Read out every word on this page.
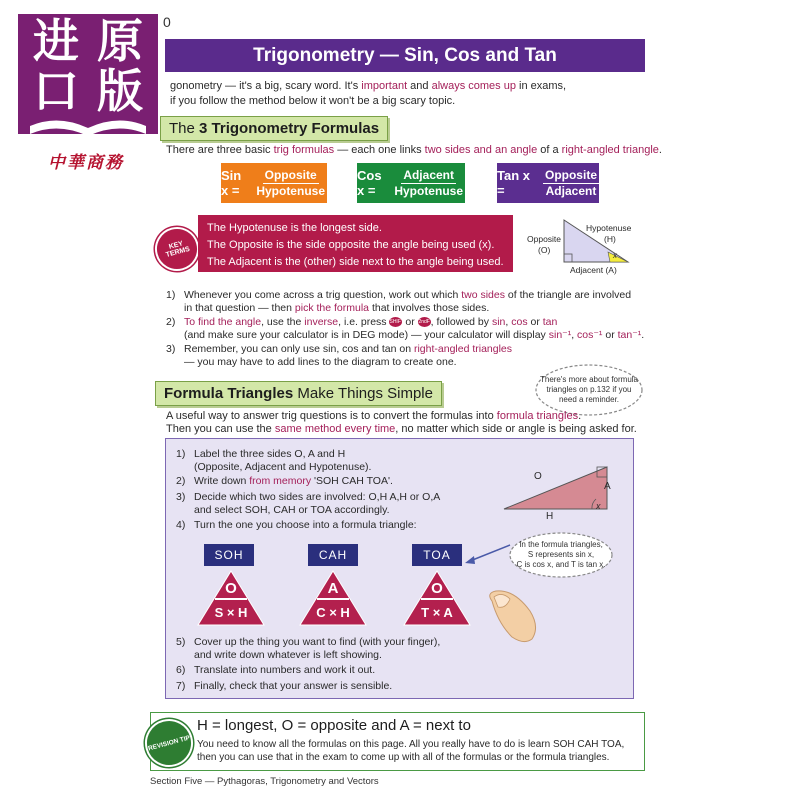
进 原
口 版
中華商務
0
Trigonometry — Sin, Cos and Tan
gonometry — it's a big, scary word. It's important and always comes up in exams,
if you follow the method below it won't be a big scary topic.
The 3 Trigonometry Formulas
There are three basic trig formulas — each one links two sides and an angle of a right-angled triangle.
Sin x =	$\frac{\text{Opposite}}{\text{Hypotenuse}}$ Cos x =	$\frac{\text{Adjacent}}{\text{Hypotenuse}}$ Tan x =	$\frac{\text{Opposite}}{\text{Adjacent}}$
KEY TERMS
The Hypotenuse is the longest side.
The Opposite is the side opposite the angle being used (x).
The Adjacent is the (other) side next to the angle being used.
x
Hypotenuse
(H)
Opposite
(O)
Adjacent (A)
1) Whenever you come across a trig question, work out which two sides of the triangle are involved
in that question — then pick the formula that involves those sides.
2) To find the angle, use the inverse, i.e. press SHIFT or 2ndF, followed by sin, cos or tan
(and make sure your calculator is in DEG mode) — your calculator will display sin⁻¹, cos⁻¹ or tan⁻¹.
3) Remember, you can only use sin, cos and tan on right-angled triangles
— you may have to add lines to the diagram to create one.
Formula Triangles Make Things Simple
There's more about formula
triangles on p.132 if you
need a reminder.
A useful way to answer trig questions is to convert the formulas into formula triangles.
Then you can use the same method every time, no matter which side or angle is being asked for.
1) Label the three sides O, A and H
(Opposite, Adjacent and Hypotenuse).
2) Write down from memory 'SOH CAH TOA'.
3) Decide which two sides are involved: O,H A,H or O,A
and select SOH, CAH or TOA accordingly.
4) Turn the one you choose into a formula triangle:
O
A
H
x
SOH	CAH	TOA
O
S × H
A
C × H
O
T × A
5) Cover up the thing you want to find (with your finger),
and write down whatever is left showing.
6) Translate into numbers and work it out.
7) Finally, check that your answer is sensible.
In the formula triangles,
S represents sin x,
C is cos x, and T is tan x.
REVISION TIP
H = longest, O = opposite and A = next to
You need to know all the formulas on this page. All you really have to do is learn SOH CAH TOA,
then you can use that in the exam to come up with all of the formulas or the formula triangles.
Section Five — Pythagoras, Trigonometry and Vectors
